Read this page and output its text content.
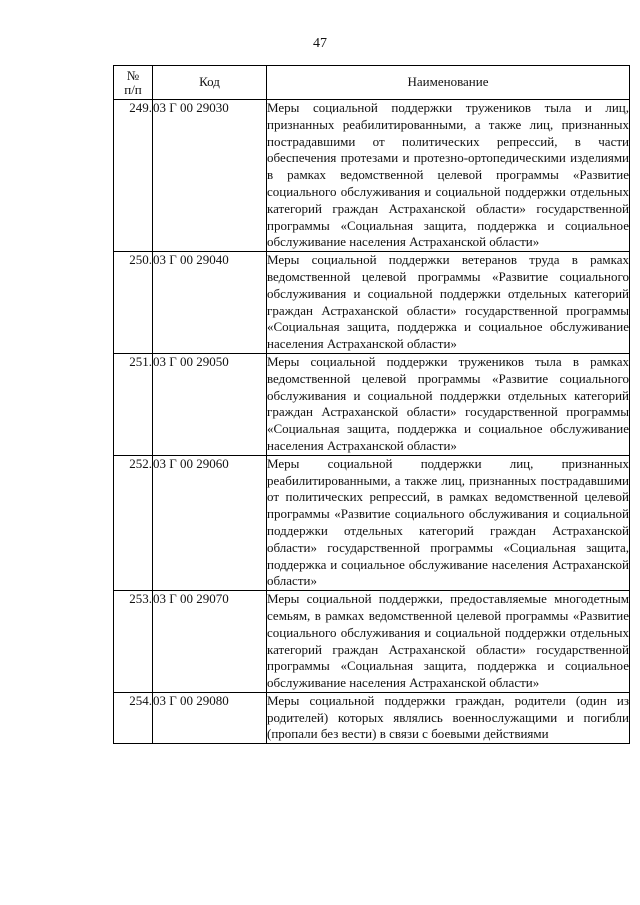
47
№
п/п	Код	Наименование
249.	03 Г 00 29030	Меры социальной поддержки тружеников тыла и лиц, признанных реабилитированными, а также лиц, признанных пострадавшими от политических репрессий, в части обеспечения протезами и протезно-ортопедическими изделиями в рамках ведомственной целевой программы «Развитие социального обслуживания и социальной поддержки отдельных категорий граждан Астраханской области» государственной программы «Социальная защита, поддержка и социальное обслуживание населения Астраханской области»
250.	03 Г 00 29040	Меры социальной поддержки ветеранов труда в рамках ведомственной целевой программы «Развитие социального обслуживания и социальной поддержки отдельных категорий граждан Астраханской области» государственной программы «Социальная защита, поддержка и социальное обслуживание населения Астраханской области»
251.	03 Г 00 29050	Меры социальной поддержки тружеников тыла в рамках ведомственной целевой программы «Развитие социального обслуживания и социальной поддержки отдельных категорий граждан Астраханской области» государственной программы «Социальная защита, поддержка и социальное обслуживание населения Астраханской области»
252.	03 Г 00 29060	Меры социальной поддержки лиц, признанных реабилитированными, а также лиц, признанных пострадавшими от политических репрессий, в рамках ведомственной целевой программы «Развитие социального обслуживания и социальной поддержки отдельных категорий граждан Астраханской области» государственной программы «Социальная защита, поддержка и социальное обслуживание населения Астраханской области»
253.	03 Г 00 29070	Меры социальной поддержки, предоставляемые многодетным семьям, в рамках ведомственной целевой программы «Развитие социального обслуживания и социальной поддержки отдельных категорий граждан Астраханской области» государственной программы «Социальная защита, поддержка и социальное обслуживание населения Астраханской области»
254.	03 Г 00 29080	Меры социальной поддержки граждан, родители (один из родителей) которых являлись военнослужащими и погибли (пропали без вести) в связи с боевыми действиями
